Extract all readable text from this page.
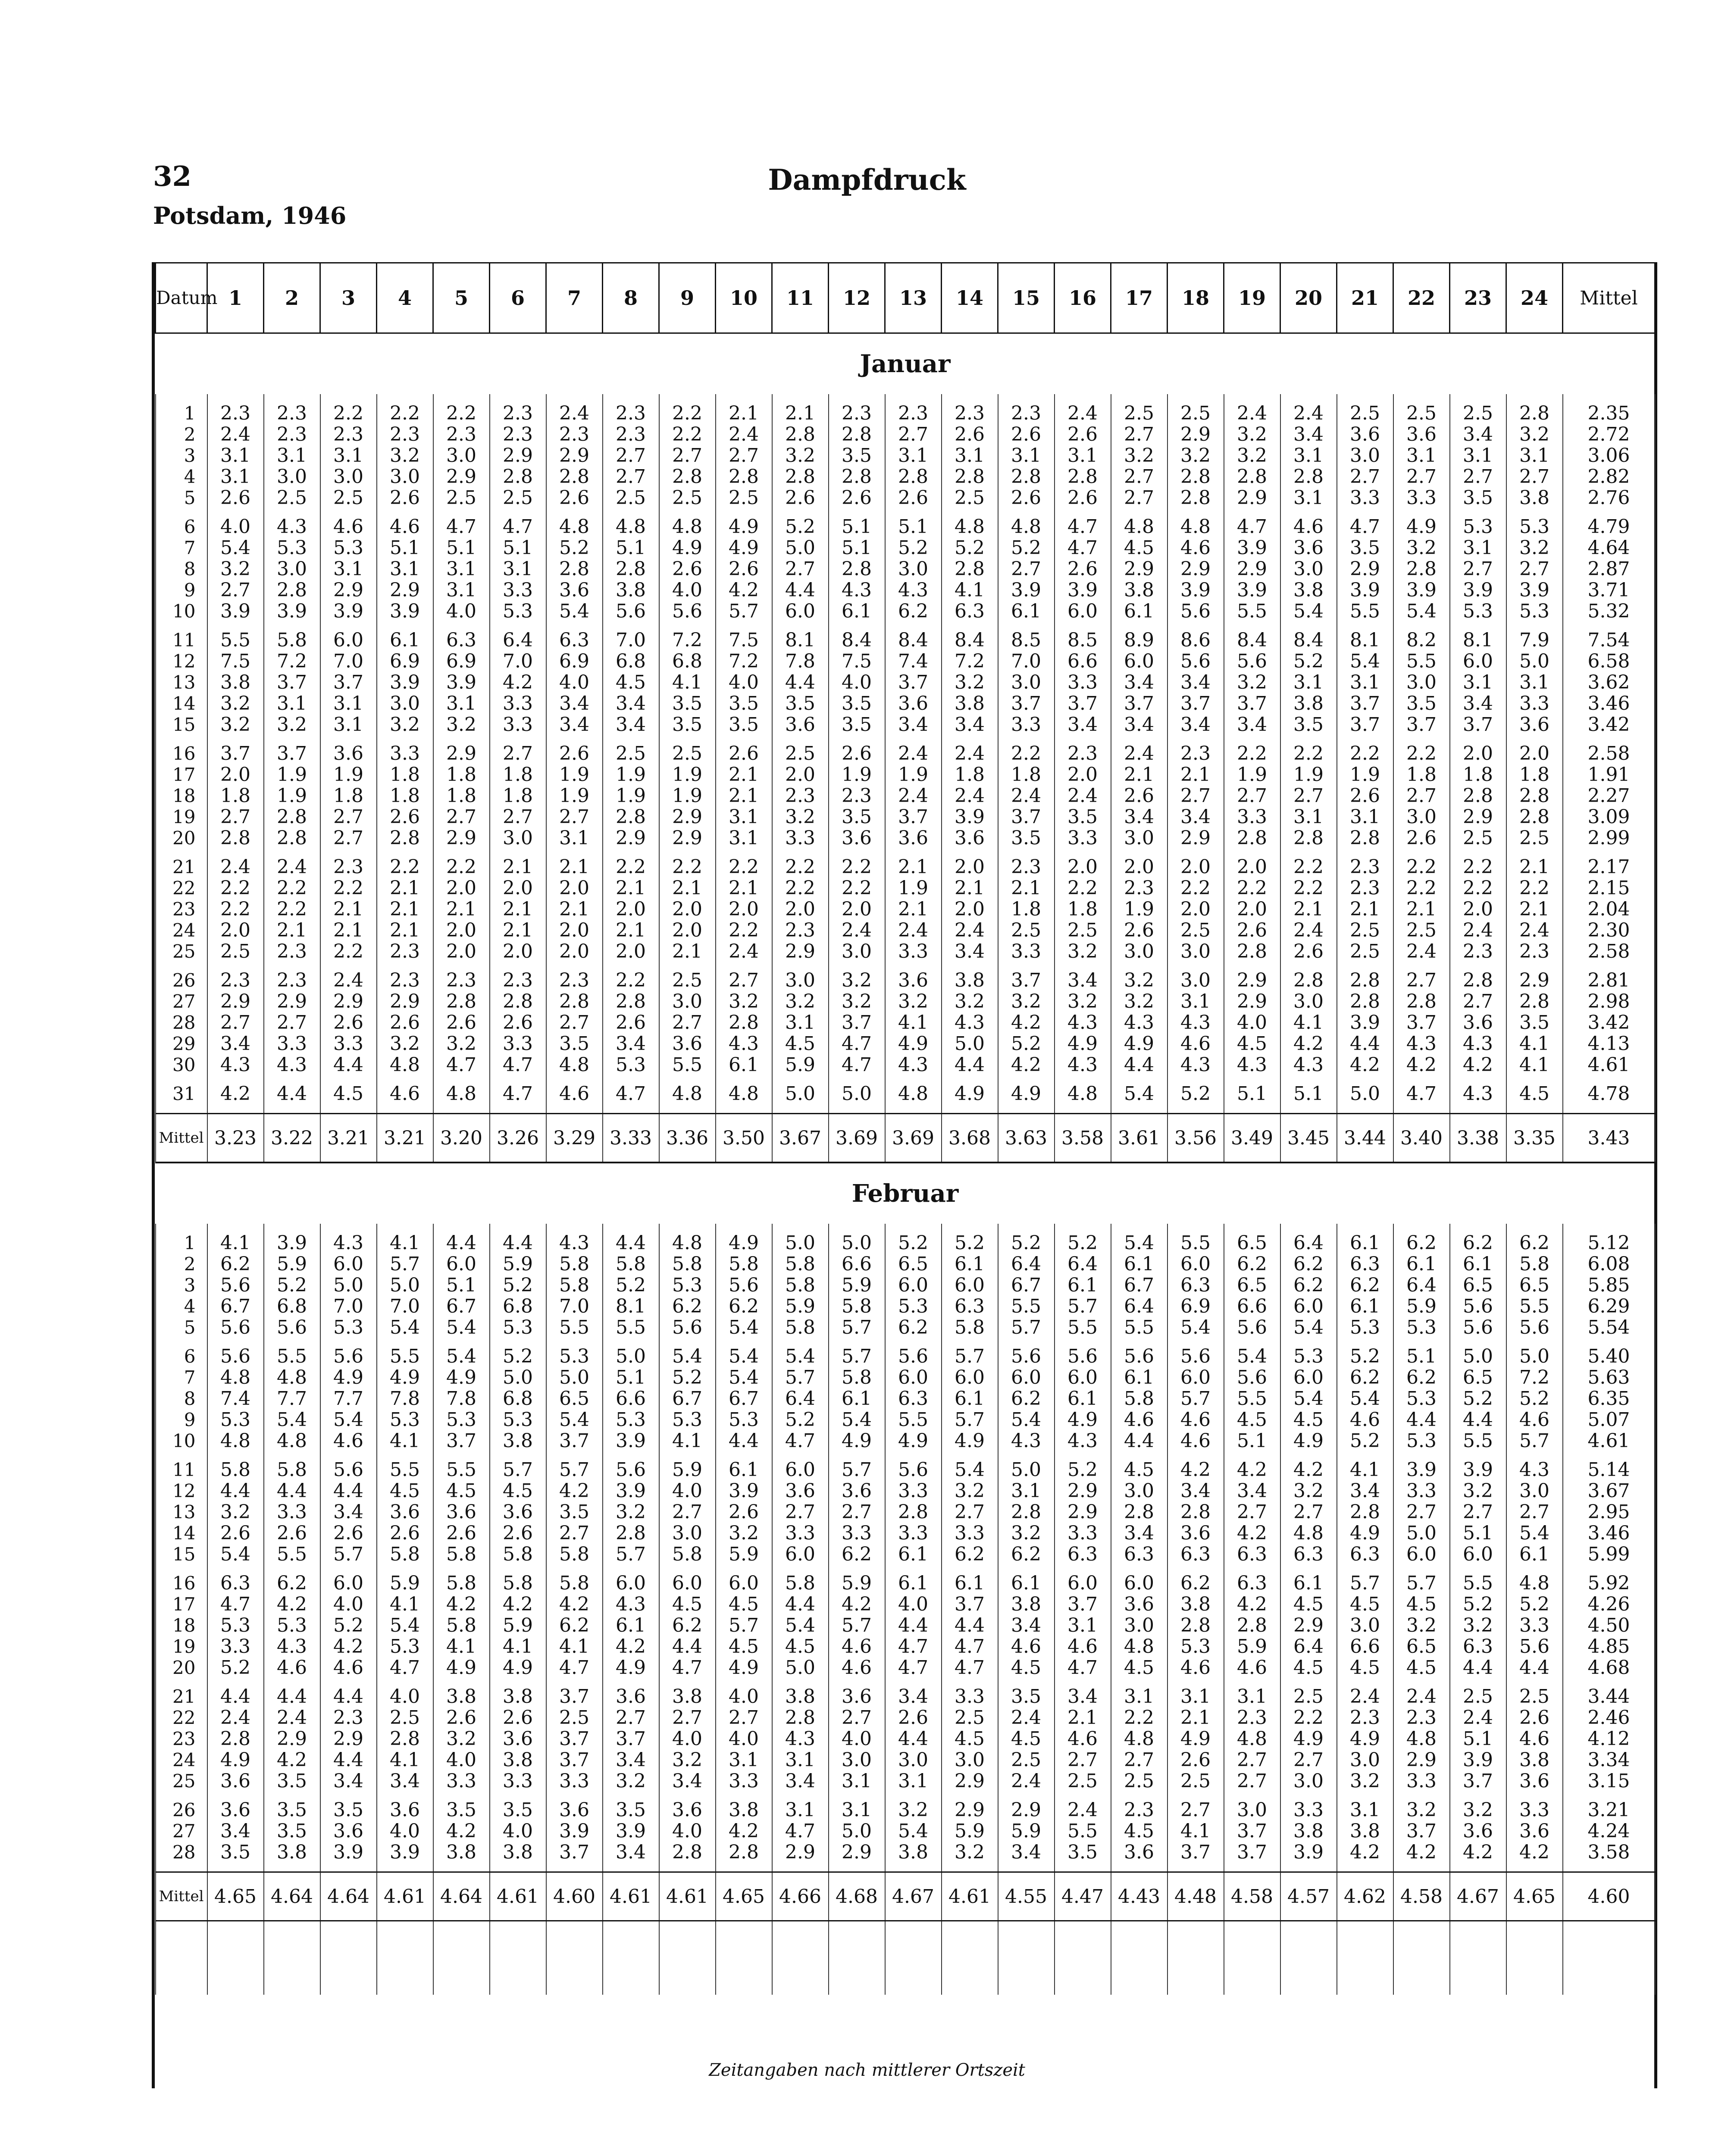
32
Potsdam, 1946
Dampfdruck
Datum	1	2	3	4	5	6	7	8	9	10	11	12	13	14	15	16	17	18	19	20	21	22	23	24	Mittel
Januar																									

1	2.3	2.3	2.2	2.2	2.2	2.3	2.4	2.3	2.2	2.1	2.1	2.3	2.3	2.3	2.3	2.4	2.5	2.5	2.4	2.4	2.5	2.5	2.5	2.8	2.35
2	2.4	2.3	2.3	2.3	2.3	2.3	2.3	2.3	2.2	2.4	2.8	2.8	2.7	2.6	2.6	2.6	2.7	2.9	3.2	3.4	3.6	3.6	3.4	3.2	2.72
3	3.1	3.1	3.1	3.2	3.0	2.9	2.9	2.7	2.7	2.7	3.2	3.5	3.1	3.1	3.1	3.1	3.2	3.2	3.2	3.1	3.0	3.1	3.1	3.1	3.06
4	3.1	3.0	3.0	3.0	2.9	2.8	2.8	2.7	2.8	2.8	2.8	2.8	2.8	2.8	2.8	2.8	2.7	2.8	2.8	2.8	2.7	2.7	2.7	2.7	2.82
5	2.6	2.5	2.5	2.6	2.5	2.5	2.6	2.5	2.5	2.5	2.6	2.6	2.6	2.5	2.6	2.6	2.7	2.8	2.9	3.1	3.3	3.3	3.5	3.8	2.76
6	4.0	4.3	4.6	4.6	4.7	4.7	4.8	4.8	4.8	4.9	5.2	5.1	5.1	4.8	4.8	4.7	4.8	4.8	4.7	4.6	4.7	4.9	5.3	5.3	4.79
7	5.4	5.3	5.3	5.1	5.1	5.1	5.2	5.1	4.9	4.9	5.0	5.1	5.2	5.2	5.2	4.7	4.5	4.6	3.9	3.6	3.5	3.2	3.1	3.2	4.64
8	3.2	3.0	3.1	3.1	3.1	3.1	2.8	2.8	2.6	2.6	2.7	2.8	3.0	2.8	2.7	2.6	2.9	2.9	2.9	3.0	2.9	2.8	2.7	2.7	2.87
9	2.7	2.8	2.9	2.9	3.1	3.3	3.6	3.8	4.0	4.2	4.4	4.3	4.3	4.1	3.9	3.9	3.8	3.9	3.9	3.8	3.9	3.9	3.9	3.9	3.71
10	3.9	3.9	3.9	3.9	4.0	5.3	5.4	5.6	5.6	5.7	6.0	6.1	6.2	6.3	6.1	6.0	6.1	5.6	5.5	5.4	5.5	5.4	5.3	5.3	5.32
11	5.5	5.8	6.0	6.1	6.3	6.4	6.3	7.0	7.2	7.5	8.1	8.4	8.4	8.4	8.5	8.5	8.9	8.6	8.4	8.4	8.1	8.2	8.1	7.9	7.54
12	7.5	7.2	7.0	6.9	6.9	7.0	6.9	6.8	6.8	7.2	7.8	7.5	7.4	7.2	7.0	6.6	6.0	5.6	5.6	5.2	5.4	5.5	6.0	5.0	6.58
13	3.8	3.7	3.7	3.9	3.9	4.2	4.0	4.5	4.1	4.0	4.4	4.0	3.7	3.2	3.0	3.3	3.4	3.4	3.2	3.1	3.1	3.0	3.1	3.1	3.62
14	3.2	3.1	3.1	3.0	3.1	3.3	3.4	3.4	3.5	3.5	3.5	3.5	3.6	3.8	3.7	3.7	3.7	3.7	3.7	3.8	3.7	3.5	3.4	3.3	3.46
15	3.2	3.2	3.1	3.2	3.2	3.3	3.4	3.4	3.5	3.5	3.6	3.5	3.4	3.4	3.3	3.4	3.4	3.4	3.4	3.5	3.7	3.7	3.7	3.6	3.42
16	3.7	3.7	3.6	3.3	2.9	2.7	2.6	2.5	2.5	2.6	2.5	2.6	2.4	2.4	2.2	2.3	2.4	2.3	2.2	2.2	2.2	2.2	2.0	2.0	2.58
17	2.0	1.9	1.9	1.8	1.8	1.8	1.9	1.9	1.9	2.1	2.0	1.9	1.9	1.8	1.8	2.0	2.1	2.1	1.9	1.9	1.9	1.8	1.8	1.8	1.91
18	1.8	1.9	1.8	1.8	1.8	1.8	1.9	1.9	1.9	2.1	2.3	2.3	2.4	2.4	2.4	2.4	2.6	2.7	2.7	2.7	2.6	2.7	2.8	2.8	2.27
19	2.7	2.8	2.7	2.6	2.7	2.7	2.7	2.8	2.9	3.1	3.2	3.5	3.7	3.9	3.7	3.5	3.4	3.4	3.3	3.1	3.1	3.0	2.9	2.8	3.09
20	2.8	2.8	2.7	2.8	2.9	3.0	3.1	2.9	2.9	3.1	3.3	3.6	3.6	3.6	3.5	3.3	3.0	2.9	2.8	2.8	2.8	2.6	2.5	2.5	2.99
21	2.4	2.4	2.3	2.2	2.2	2.1	2.1	2.2	2.2	2.2	2.2	2.2	2.1	2.0	2.3	2.0	2.0	2.0	2.0	2.2	2.3	2.2	2.2	2.1	2.17
22	2.2	2.2	2.2	2.1	2.0	2.0	2.0	2.1	2.1	2.1	2.2	2.2	1.9	2.1	2.1	2.2	2.3	2.2	2.2	2.2	2.3	2.2	2.2	2.2	2.15
23	2.2	2.2	2.1	2.1	2.1	2.1	2.1	2.0	2.0	2.0	2.0	2.0	2.1	2.0	1.8	1.8	1.9	2.0	2.0	2.1	2.1	2.1	2.0	2.1	2.04
24	2.0	2.1	2.1	2.1	2.0	2.1	2.0	2.1	2.0	2.2	2.3	2.4	2.4	2.4	2.5	2.5	2.6	2.5	2.6	2.4	2.5	2.5	2.4	2.4	2.30
25	2.5	2.3	2.2	2.3	2.0	2.0	2.0	2.0	2.1	2.4	2.9	3.0	3.3	3.4	3.3	3.2	3.0	3.0	2.8	2.6	2.5	2.4	2.3	2.3	2.58
26	2.3	2.3	2.4	2.3	2.3	2.3	2.3	2.2	2.5	2.7	3.0	3.2	3.6	3.8	3.7	3.4	3.2	3.0	2.9	2.8	2.8	2.7	2.8	2.9	2.81
27	2.9	2.9	2.9	2.9	2.8	2.8	2.8	2.8	3.0	3.2	3.2	3.2	3.2	3.2	3.2	3.2	3.2	3.1	2.9	3.0	2.8	2.8	2.7	2.8	2.98
28	2.7	2.7	2.6	2.6	2.6	2.6	2.7	2.6	2.7	2.8	3.1	3.7	4.1	4.3	4.2	4.3	4.3	4.3	4.0	4.1	3.9	3.7	3.6	3.5	3.42
29	3.4	3.3	3.3	3.2	3.2	3.3	3.5	3.4	3.6	4.3	4.5	4.7	4.9	5.0	5.2	4.9	4.9	4.6	4.5	4.2	4.4	4.3	4.3	4.1	4.13
30	4.3	4.3	4.4	4.8	4.7	4.7	4.8	5.3	5.5	6.1	5.9	4.7	4.3	4.4	4.2	4.3	4.4	4.3	4.3	4.3	4.2	4.2	4.2	4.1	4.61
31	4.2	4.4	4.5	4.6	4.8	4.7	4.6	4.7	4.8	4.8	5.0	5.0	4.8	4.9	4.9	4.8	5.4	5.2	5.1	5.1	5.0	4.7	4.3	4.5	4.78

Mittel	3.23	3.22	3.21	3.21	3.20	3.26	3.29	3.33	3.36	3.50	3.67	3.69	3.69	3.68	3.63	3.58	3.61	3.56	3.49	3.45	3.44	3.40	3.38	3.35	3.43
Februar																									

1	4.1	3.9	4.3	4.1	4.4	4.4	4.3	4.4	4.8	4.9	5.0	5.0	5.2	5.2	5.2	5.2	5.4	5.5	6.5	6.4	6.1	6.2	6.2	6.2	5.12
2	6.2	5.9	6.0	5.7	6.0	5.9	5.8	5.8	5.8	5.8	5.8	6.6	6.5	6.1	6.4	6.4	6.1	6.0	6.2	6.2	6.3	6.1	6.1	5.8	6.08
3	5.6	5.2	5.0	5.0	5.1	5.2	5.8	5.2	5.3	5.6	5.8	5.9	6.0	6.0	6.7	6.1	6.7	6.3	6.5	6.2	6.2	6.4	6.5	6.5	5.85
4	6.7	6.8	7.0	7.0	6.7	6.8	7.0	8.1	6.2	6.2	5.9	5.8	5.3	6.3	5.5	5.7	6.4	6.9	6.6	6.0	6.1	5.9	5.6	5.5	6.29
5	5.6	5.6	5.3	5.4	5.4	5.3	5.5	5.5	5.6	5.4	5.8	5.7	6.2	5.8	5.7	5.5	5.5	5.4	5.6	5.4	5.3	5.3	5.6	5.6	5.54
6	5.6	5.5	5.6	5.5	5.4	5.2	5.3	5.0	5.4	5.4	5.4	5.7	5.6	5.7	5.6	5.6	5.6	5.6	5.4	5.3	5.2	5.1	5.0	5.0	5.40
7	4.8	4.8	4.9	4.9	4.9	5.0	5.0	5.1	5.2	5.4	5.7	5.8	6.0	6.0	6.0	6.0	6.1	6.0	5.6	6.0	6.2	6.2	6.5	7.2	5.63
8	7.4	7.7	7.7	7.8	7.8	6.8	6.5	6.6	6.7	6.7	6.4	6.1	6.3	6.1	6.2	6.1	5.8	5.7	5.5	5.4	5.4	5.3	5.2	5.2	6.35
9	5.3	5.4	5.4	5.3	5.3	5.3	5.4	5.3	5.3	5.3	5.2	5.4	5.5	5.7	5.4	4.9	4.6	4.6	4.5	4.5	4.6	4.4	4.4	4.6	5.07
10	4.8	4.8	4.6	4.1	3.7	3.8	3.7	3.9	4.1	4.4	4.7	4.9	4.9	4.9	4.3	4.3	4.4	4.6	5.1	4.9	5.2	5.3	5.5	5.7	4.61
11	5.8	5.8	5.6	5.5	5.5	5.7	5.7	5.6	5.9	6.1	6.0	5.7	5.6	5.4	5.0	5.2	4.5	4.2	4.2	4.2	4.1	3.9	3.9	4.3	5.14
12	4.4	4.4	4.4	4.5	4.5	4.5	4.2	3.9	4.0	3.9	3.6	3.6	3.3	3.2	3.1	2.9	3.0	3.4	3.4	3.2	3.4	3.3	3.2	3.0	3.67
13	3.2	3.3	3.4	3.6	3.6	3.6	3.5	3.2	2.7	2.6	2.7	2.7	2.8	2.7	2.8	2.9	2.8	2.8	2.7	2.7	2.8	2.7	2.7	2.7	2.95
14	2.6	2.6	2.6	2.6	2.6	2.6	2.7	2.8	3.0	3.2	3.3	3.3	3.3	3.3	3.2	3.3	3.4	3.6	4.2	4.8	4.9	5.0	5.1	5.4	3.46
15	5.4	5.5	5.7	5.8	5.8	5.8	5.8	5.7	5.8	5.9	6.0	6.2	6.1	6.2	6.2	6.3	6.3	6.3	6.3	6.3	6.3	6.0	6.0	6.1	5.99
16	6.3	6.2	6.0	5.9	5.8	5.8	5.8	6.0	6.0	6.0	5.8	5.9	6.1	6.1	6.1	6.0	6.0	6.2	6.3	6.1	5.7	5.7	5.5	4.8	5.92
17	4.7	4.2	4.0	4.1	4.2	4.2	4.2	4.3	4.5	4.5	4.4	4.2	4.0	3.7	3.8	3.7	3.6	3.8	4.2	4.5	4.5	4.5	5.2	5.2	4.26
18	5.3	5.3	5.2	5.4	5.8	5.9	6.2	6.1	6.2	5.7	5.4	5.7	4.4	4.4	3.4	3.1	3.0	2.8	2.8	2.9	3.0	3.2	3.2	3.3	4.50
19	3.3	4.3	4.2	5.3	4.1	4.1	4.1	4.2	4.4	4.5	4.5	4.6	4.7	4.7	4.6	4.6	4.8	5.3	5.9	6.4	6.6	6.5	6.3	5.6	4.85
20	5.2	4.6	4.6	4.7	4.9	4.9	4.7	4.9	4.7	4.9	5.0	4.6	4.7	4.7	4.5	4.7	4.5	4.6	4.6	4.5	4.5	4.5	4.4	4.4	4.68
21	4.4	4.4	4.4	4.0	3.8	3.8	3.7	3.6	3.8	4.0	3.8	3.6	3.4	3.3	3.5	3.4	3.1	3.1	3.1	2.5	2.4	2.4	2.5	2.5	3.44
22	2.4	2.4	2.3	2.5	2.6	2.6	2.5	2.7	2.7	2.7	2.8	2.7	2.6	2.5	2.4	2.1	2.2	2.1	2.3	2.2	2.3	2.3	2.4	2.6	2.46
23	2.8	2.9	2.9	2.8	3.2	3.6	3.7	3.7	4.0	4.0	4.3	4.0	4.4	4.5	4.5	4.6	4.8	4.9	4.8	4.9	4.9	4.8	5.1	4.6	4.12
24	4.9	4.2	4.4	4.1	4.0	3.8	3.7	3.4	3.2	3.1	3.1	3.0	3.0	3.0	2.5	2.7	2.7	2.6	2.7	2.7	3.0	2.9	3.9	3.8	3.34
25	3.6	3.5	3.4	3.4	3.3	3.3	3.3	3.2	3.4	3.3	3.4	3.1	3.1	2.9	2.4	2.5	2.5	2.5	2.7	3.0	3.2	3.3	3.7	3.6	3.15
26	3.6	3.5	3.5	3.6	3.5	3.5	3.6	3.5	3.6	3.8	3.1	3.1	3.2	2.9	2.9	2.4	2.3	2.7	3.0	3.3	3.1	3.2	3.2	3.3	3.21
27	3.4	3.5	3.6	4.0	4.2	4.0	3.9	3.9	4.0	4.2	4.7	5.0	5.4	5.9	5.9	5.5	4.5	4.1	3.7	3.8	3.8	3.7	3.6	3.6	4.24
28	3.5	3.8	3.9	3.9	3.8	3.8	3.7	3.4	2.8	2.8	2.9	2.9	3.8	3.2	3.4	3.5	3.6	3.7	3.7	3.9	4.2	4.2	4.2	4.2	3.58

Mittel	4.65	4.64	4.64	4.61	4.64	4.61	4.60	4.61	4.61	4.65	4.66	4.68	4.67	4.61	4.55	4.47	4.43	4.48	4.58	4.57	4.62	4.58	4.67	4.65	4.60

Zeitangaben nach mittlerer Ortszeit
